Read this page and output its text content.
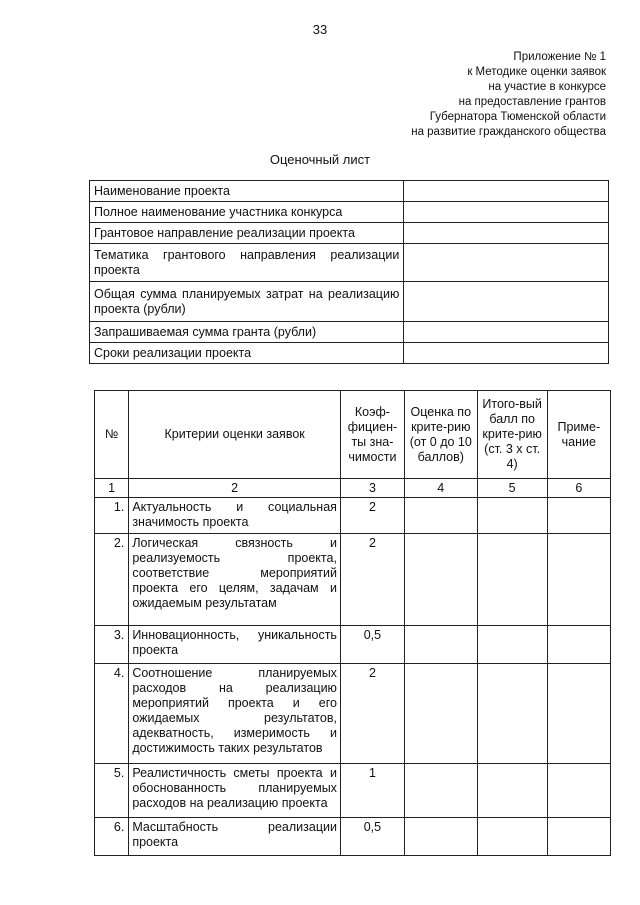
33
Приложение № 1
к Методике оценки заявок
на участие в конкурсе
на предоставление грантов
Губернатора Тюменской области
на развитие гражданского общества
Оценочный лист
Наименование проекта	
Полное наименование участника конкурса	
Грантовое направление реализации проекта	
Тематика грантового направления реализации проекта	
Общая сумма планируемых затрат на реализацию проекта (рубли)	
Запрашиваемая сумма гранта (рубли)	
Сроки реализации проекта	
№	Критерии оценки заявок	Коэф-фициен-ты зна-чимости	Оценка по крите-рию (от 0 до 10 баллов)	Итого-вый балл по крите-рию (ст. 3 х ст. 4)	Приме-чание
1	2	3	4	5	6
1.	Актуальность и социальная значимость проекта	2			
2.	Логическая связность и реализуемость проекта, соответствие мероприятий проекта его целям, задачам и ожидаемым результатам	2			
3.	Инновационность, уникальность проекта	0,5			
4.	Соотношение планируемых расходов на реализацию мероприятий проекта и его ожидаемых результатов, адекватность, измеримость и достижимость таких результатов	2			
5.	Реалистичность сметы проекта и обоснованность планируемых расходов на реализацию проекта	1			
6.	Масштабность реализации проекта	0,5			
